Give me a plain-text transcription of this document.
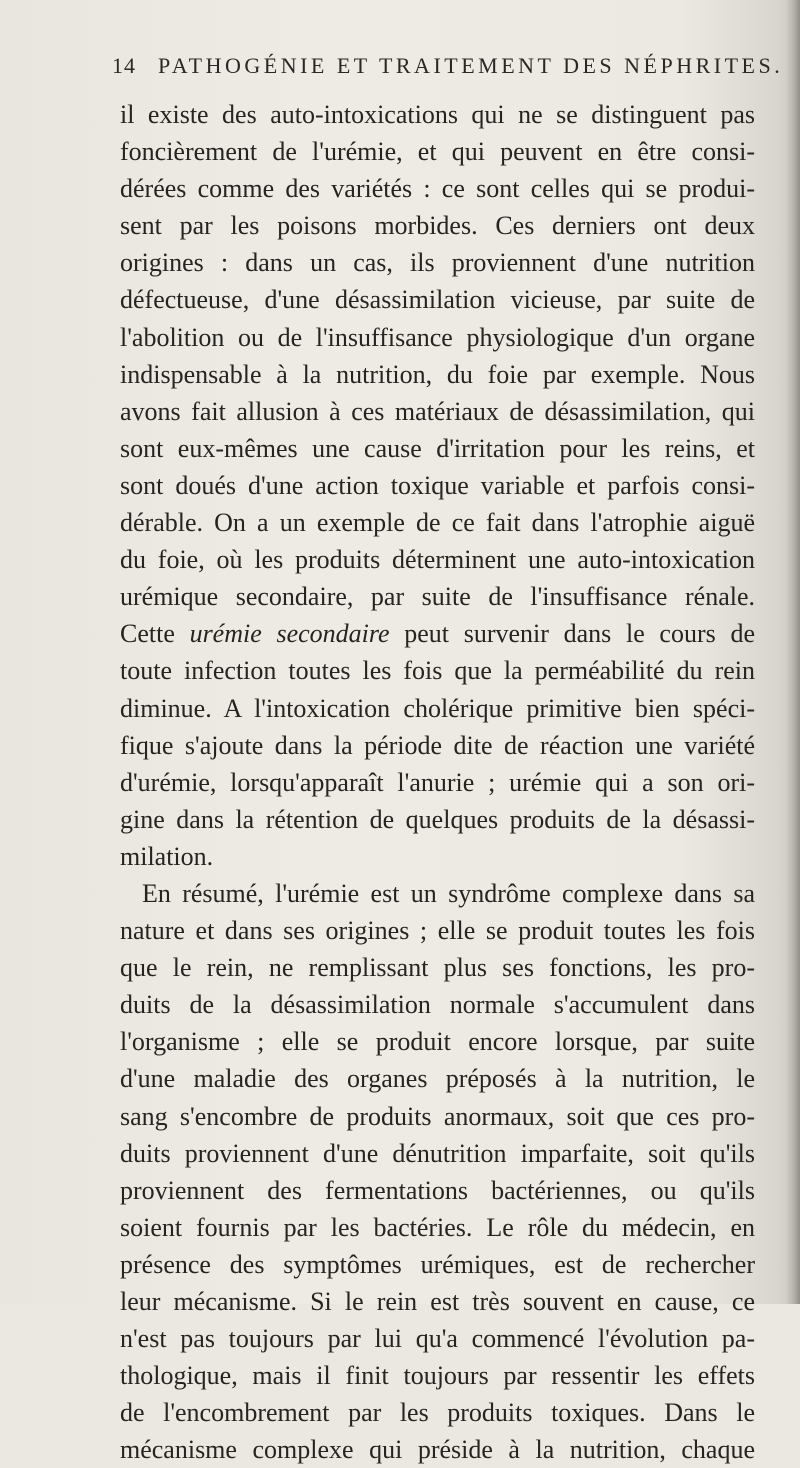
14 PATHOGÉNIE ET TRAITEMENT DES NÉPHRITES.
il existe des auto-intoxications qui ne se distinguent pas
foncièrement de l'urémie, et qui peuvent en être consi-
dérées comme des variétés : ce sont celles qui se produi-
sent par les poisons morbides. Ces derniers ont deux
origines : dans un cas, ils proviennent d'une nutrition
défectueuse, d'une désassimilation vicieuse, par suite de
l'abolition ou de l'insuffisance physiologique d'un organe
indispensable à la nutrition, du foie par exemple. Nous
avons fait allusion à ces matériaux de désassimilation, qui
sont eux-mêmes une cause d'irritation pour les reins, et
sont doués d'une action toxique variable et parfois consi-
dérable. On a un exemple de ce fait dans l'atrophie aiguë
du foie, où les produits déterminent une auto-intoxication
urémique secondaire, par suite de l'insuffisance rénale.
Cette urémie secondaire peut survenir dans le cours de
toute infection toutes les fois que la perméabilité du rein
diminue. A l'intoxication cholérique primitive bien spéci-
fique s'ajoute dans la période dite de réaction une variété
d'urémie, lorsqu'apparaît l'anurie ; urémie qui a son ori-
gine dans la rétention de quelques produits de la désassi-
milation.
En résumé, l'urémie est un syndrôme complexe dans sa
nature et dans ses origines ; elle se produit toutes les fois
que le rein, ne remplissant plus ses fonctions, les pro-
duits de la désassimilation normale s'accumulent dans
l'organisme ; elle se produit encore lorsque, par suite
d'une maladie des organes préposés à la nutrition, le
sang s'encombre de produits anormaux, soit que ces pro-
duits proviennent d'une dénutrition imparfaite, soit qu'ils
proviennent des fermentations bactériennes, ou qu'ils
soient fournis par les bactéries. Le rôle du médecin, en
présence des symptômes urémiques, est de rechercher
leur mécanisme. Si le rein est très souvent en cause, ce
n'est pas toujours par lui qu'a commencé l'évolution pa-
thologique, mais il finit toujours par ressentir les effets
de l'encombrement par les produits toxiques. Dans le
mécanisme complexe qui préside à la nutrition, chaque
